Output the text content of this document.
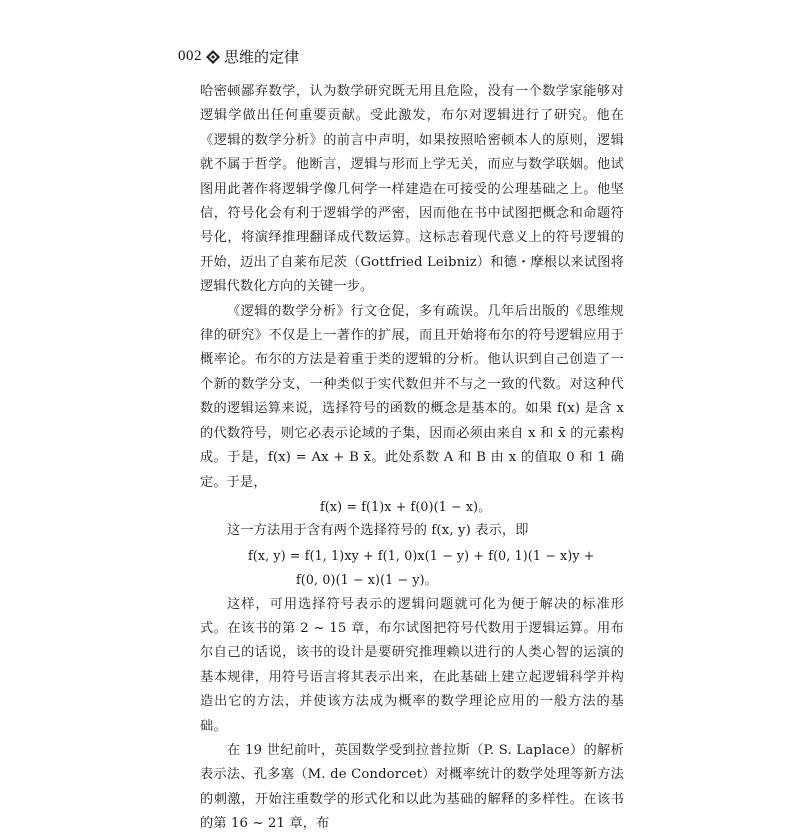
002 思维的定律

哈密顿鄙弃数学，认为数学研究既无用且危险，没有一个数学家能够对逻辑学做出任何重要贡献。受此激发，布尔对逻辑进行了研究。他在《逻辑的数学分析》的前言中声明，如果按照哈密顿本人的原则，逻辑就不属于哲学。他断言，逻辑与形而上学无关，而应与数学联姻。他试图用此著作将逻辑学像几何学一样建造在可接受的公理基础之上。他坚信，符号化会有利于逻辑学的严密，因而他在书中试图把概念和命题符号化，将演绎推理翻译成代数运算。这标志着现代意义上的符号逻辑的开始，迈出了自莱布尼茨（Gottfried Leibniz）和德・摩根以来试图将逻辑代数化方向的关键一步。

《逻辑的数学分析》行文仓促，多有疏误。几年后出版的《思维规律的研究》不仅是上一著作的扩展，而且开始将布尔的符号逻辑应用于概率论。布尔的方法是着重于类的逻辑的分析。他认识到自己创造了一个新的数学分支，一种类似于实代数但并不与之一致的代数。对这种代数的逻辑运算来说，选择符号的函数的概念是基本的。如果 f(x) 是含 x 的代数符号，则它必表示论域的子集，因而必须由来自 x 和 x̄ 的元素构成。于是，f(x) = Ax + B x̄。此处系数 A 和 B 由 x 的值取 0 和 1 确定。于是，

f(x) = f(1)x + f(0)(1 − x)。

这一方法用于含有两个选择符号的 f(x, y) 表示，即

f(x, y) = f(1, 1)xy + f(1, 0)x(1 − y) + f(0, 1)(1 − x)y +

f(0, 0)(1 − x)(1 − y)。

这样，可用选择符号表示的逻辑问题就可化为便于解决的标准形式。在该书的第 2 ~ 15 章，布尔试图把符号代数用于逻辑运算。用布尔自己的话说，该书的设计是要研究推理赖以进行的人类心智的运演的基本规律，用符号语言将其表示出来，在此基础上建立起逻辑科学并构造出它的方法，并使该方法成为概率的数学理论应用的一般方法的基础。

在 19 世纪前叶，英国数学受到拉普拉斯（P. S. Laplace）的解析表示法、孔多塞（M. de Condorcet）对概率统计的数学处理等新方法的刺激，开始注重数学的形式化和以此为基础的解释的多样性。在该书的第 16 ~ 21 章，布
